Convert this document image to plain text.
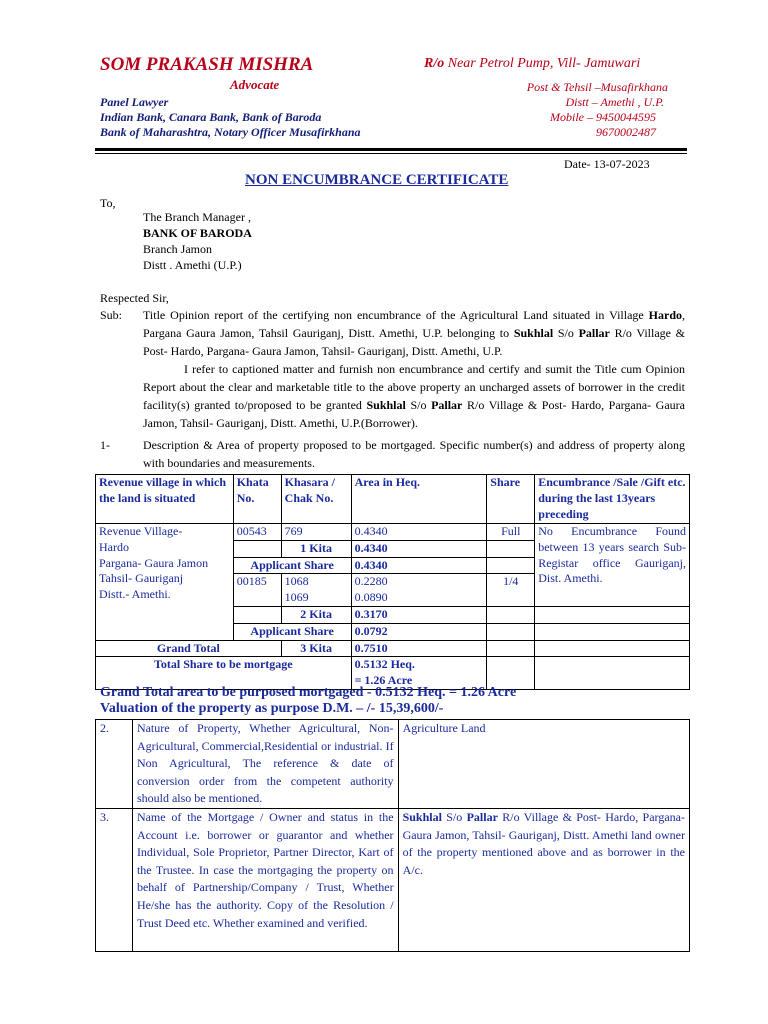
SOM PRAKASH MISHRA	R/o Near Petrol Pump, Vill- Jamuwari
Advocate	Post & Tehsil –Musafirkhana
Panel Lawyer	Distt – Amethi , U.P.
Indian Bank, Canara Bank, Bank of Baroda	Mobile – 9450044595
Bank of Maharashtra, Notary Officer Musafirkhana	9670002487
Date- 13-07-2023
NON ENCUMBRANCE CERTIFICATE
To,
The Branch Manager ,
BANK OF BARODA
Branch Jamon
Distt . Amethi (U.P.)
Respected Sir,
Sub: Title Opinion report of the certifying non encumbrance of the Agricultural Land situated in Village Hardo, Pargana Gaura Jamon, Tahsil Gauriganj, Distt. Amethi, U.P. belonging to Sukhlal S/o Pallar R/o Village & Post- Hardo, Pargana- Gaura Jamon, Tahsil- Gauriganj, Distt. Amethi, U.P.
I refer to captioned matter and furnish non encumbrance and certify and sumit the Title cum Opinion Report about the clear and marketable title to the above property an uncharged assets of borrower in the credit facility(s) granted to/proposed to be granted Sukhlal S/o Pallar R/o Village & Post- Hardo, Pargana- Gaura Jamon, Tahsil- Gauriganj, Distt. Amethi, U.P.(Borrower).
1-	Description & Area of property proposed to be mortgaged. Specific number(s) and address of property along with boundaries and measurements.
Revenue village in which the land is situated	Khata No.	Khasara / Chak No.	Area in Heq.	Share	Encumbrance /Sale /Gift etc. during the last 13years preceding

Revenue Village-
Hardo
Pargana- Gaura Jamon
Tahsil- Gauriganj
Distt.- Amethi.	00543	769	0.4340	Full	No Encumbrance Found between 13 years search Sub-Registar office Gauriganj, Dist. Amethi.
		1 Kita	0.4340		
	Applicant Share		0.4340		
	00185	1068	0.2280	1/4	
		1069	0.0890		
		2 Kita	0.3170		
	Applicant Share		0.0792		
Grand Total		3 Kita	0.7510		
Total Share to be mortgage			0.5132 Heq.
= 1.26 Acre		

Grand Total area to be purposed mortgaged - 0.5132 Heq. = 1.26 Acre
Valuation of the property as purpose D.M. – /- 15,39,600/-
2.	Nature of Property, Whether Agricultural, Non-Agricultural, Commercial,Residential or industrial. If Non Agricultural, The reference & date of conversion order from the competent authority should also be mentioned.	Agriculture Land
3.	Name of the Mortgage / Owner and status in the Account i.e. borrower or guarantor and whether Individual, Sole Proprietor, Partner Director, Kart of the Trustee. In case the mortgaging the property on behalf of Partnership/Company / Trust, Whether He/she has the authority. Copy of the Resolution / Trust Deed etc. Whether examined and verified.	Sukhlal S/o Pallar R/o Village & Post- Hardo, Pargana- Gaura Jamon, Tahsil- Gauriganj, Distt. Amethi land owner of the property mentioned above and as borrower in the A/c.
